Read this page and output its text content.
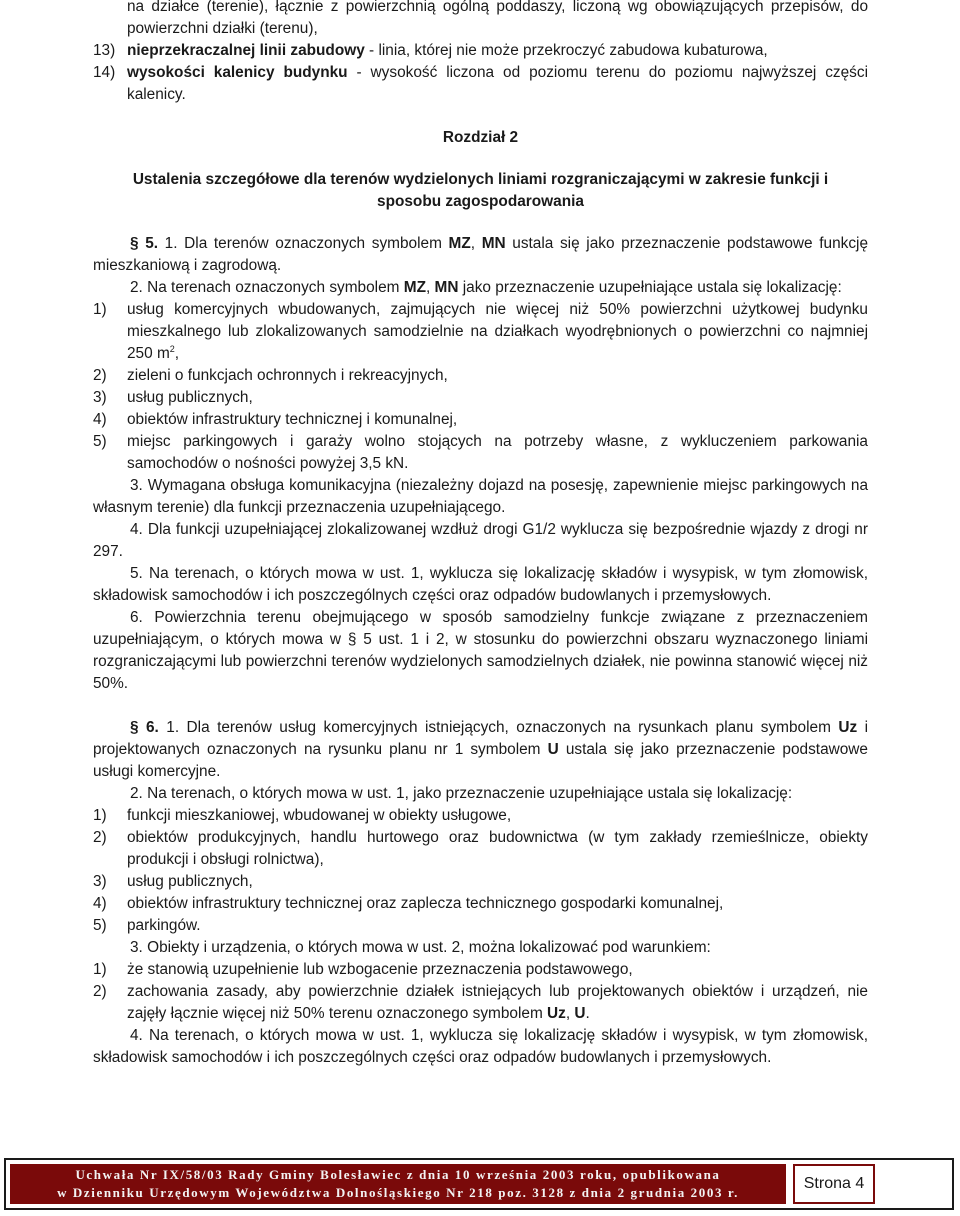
na działce (terenie), łącznie z powierzchnią ogólną poddaszy, liczoną wg obowiązujących przepisów, do powierzchni działki (terenu),

13) nieprzekraczalnej linii zabudowy - linia, której nie może przekroczyć zabudowa kubaturowa,
14) wysokości kalenicy budynku - wysokość liczona od poziomu terenu do poziomu najwyższej części kalenicy.

Rozdział 2

Ustalenia szczegółowe dla terenów wydzielonych liniami rozgraniczającymi w zakresie funkcji i sposobu zagospodarowania

§ 5. 1. Dla terenów oznaczonych symbolem MZ, MN ustala się jako przeznaczenie podstawowe funkcję mieszkaniową i zagrodową.

2. Na terenach oznaczonych symbolem MZ, MN jako przeznaczenie uzupełniające ustala się lokalizację:

1) usług komercyjnych wbudowanych, zajmujących nie więcej niż 50% powierzchni użytkowej budynku mieszkalnego lub zlokalizowanych samodzielnie na działkach wyodrębnionych o powierzchni co najmniej 250 $m^2$,
2) zieleni o funkcjach ochronnych i rekreacyjnych,
3) usług publicznych,
4) obiektów infrastruktury technicznej i komunalnej,
5) miejsc parkingowych i garaży wolno stojących na potrzeby własne, z wykluczeniem parkowania samochodów o nośności powyżej 3,5 kN.

3. Wymagana obsługa komunikacyjna (niezależny dojazd na posesję, zapewnienie miejsc parkingowych na własnym terenie) dla funkcji przeznaczenia uzupełniającego.

4. Dla funkcji uzupełniającej zlokalizowanej wzdłuż drogi G1/2 wyklucza się bezpośrednie wjazdy z drogi nr 297.

5. Na terenach, o których mowa w ust. 1, wyklucza się lokalizację składów i wysypisk, w tym złomowisk, składowisk samochodów i ich poszczególnych części oraz odpadów budowlanych i przemysłowych.

6. Powierzchnia terenu obejmującego w sposób samodzielny funkcje związane z przeznaczeniem uzupełniającym, o których mowa w § 5 ust. 1 i 2, w stosunku do powierzchni obszaru wyznaczonego liniami rozgraniczającymi lub powierzchni terenów wydzielonych samodzielnych działek, nie powinna stanowić więcej niż 50%.

§ 6. 1. Dla terenów usług komercyjnych istniejących, oznaczonych na rysunkach planu symbolem Uz i projektowanych oznaczonych na rysunku planu nr 1 symbolem U ustala się jako przeznaczenie podstawowe usługi komercyjne.

2. Na terenach, o których mowa w ust. 1, jako przeznaczenie uzupełniające ustala się lokalizację:

1) funkcji mieszkaniowej, wbudowanej w obiekty usługowe,
2) obiektów produkcyjnych, handlu hurtowego oraz budownictwa (w tym zakłady rzemieślnicze, obiekty produkcji i obsługi rolnictwa),
3) usług publicznych,
4) obiektów infrastruktury technicznej oraz zaplecza technicznego gospodarki komunalnej,
5) parkingów.

3. Obiekty i urządzenia, o których mowa w ust. 2, można lokalizować pod warunkiem:

1) że stanowią uzupełnienie lub wzbogacenie przeznaczenia podstawowego,
2) zachowania zasady, aby powierzchnie działek istniejących lub projektowanych obiektów i urządzeń, nie zajęły łącznie więcej niż 50% terenu oznaczonego symbolem Uz, U.

4. Na terenach, o których mowa w ust. 1, wyklucza się lokalizację składów i wysypisk, w tym złomowisk, składowisk samochodów i ich poszczególnych części oraz odpadów budowlanych i przemysłowych.

Uchwała Nr IX/58/03 Rady Gminy Bolesławiec z dnia 10 września 2003 roku, opublikowana
w Dzienniku Urzędowym Województwa Dolnośląskiego Nr 218 poz. 3128 z dnia 2 grudnia 2003 r.
Strona 4
